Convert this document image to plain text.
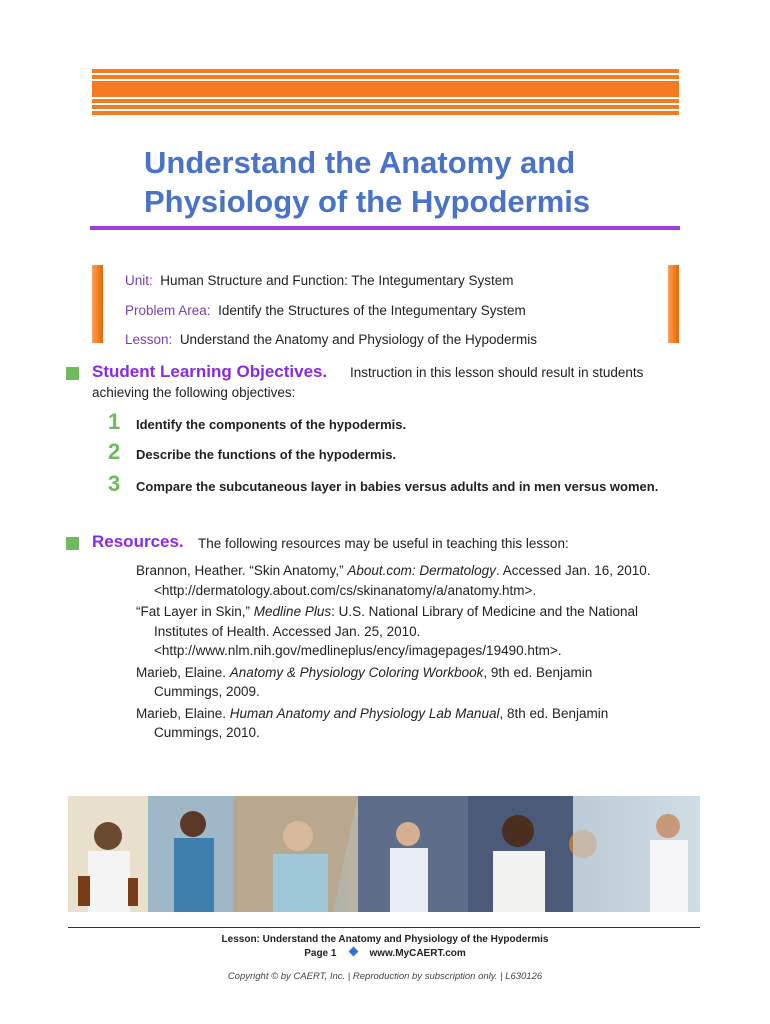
Understand the Anatomy and
Physiology of the Hypodermis
Unit: Human Structure and Function: The Integumentary System
Problem Area: Identify the Structures of the Integumentary System
Lesson: Understand the Anatomy and Physiology of the Hypodermis
Student Learning Objectives. Instruction in this lesson should result in students
achieving the following objectives:
1 Identify the components of the hypodermis.
2 Describe the functions of the hypodermis.
3 Compare the subcutaneous layer in babies versus adults and in men versus women.
Resources. The following resources may be useful in teaching this lesson:
Brannon, Heather. “Skin Anatomy,” About.com: Dermatology. Accessed Jan. 16, 2010. <http://dermatology.about.com/cs/skinanatomy/a/anatomy.htm>.
“Fat Layer in Skin,” Medline Plus: U.S. National Library of Medicine and the National Institutes of Health. Accessed Jan. 25, 2010. <http://www.nlm.nih.gov/medlineplus/ency/imagepages/19490.htm>.
Marieb, Elaine. Anatomy & Physiology Coloring Workbook, 9th ed. Benjamin Cummings, 2009.
Marieb, Elaine. Human Anatomy and Physiology Lab Manual, 8th ed. Benjamin Cummings, 2010.
Lesson: Understand the Anatomy and Physiology of the Hypodermis
Page 1	www.MyCAERT.com
Copyright © by CAERT, Inc. | Reproduction by subscription only. | L630126
